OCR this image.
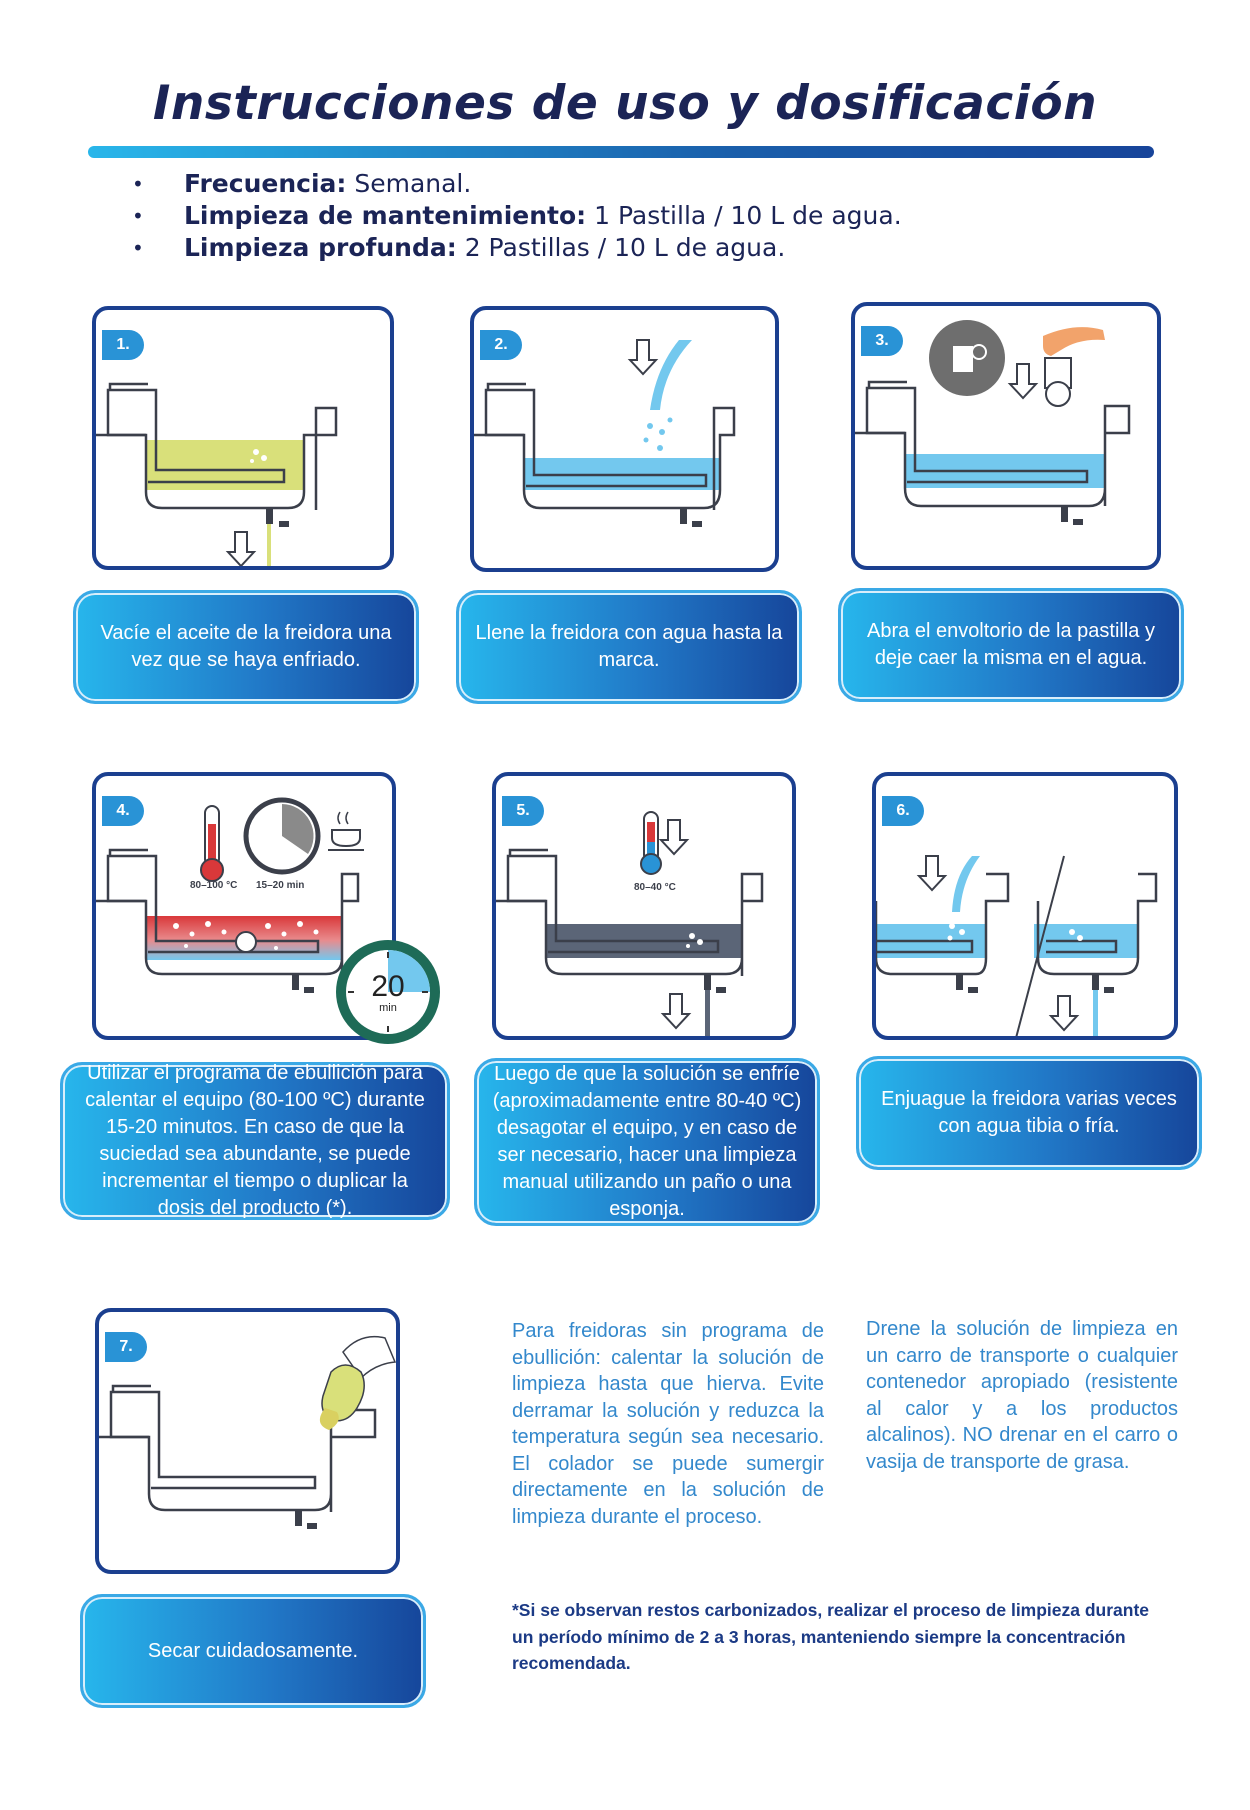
Instrucciones de uso y dosificación
• Frecuencia: Semanal.
• Limpieza de mantenimiento: 1 Pastilla / 10 L de agua.
• Limpieza profunda: 2 Pastillas / 10 L de agua.
1.
Vacíe el aceite de la freidora una vez que se haya enfriado.
2.
Llene la freidora con agua hasta la marca.
3.
Abra el envoltorio de la pastilla y deje caer la misma en el agua.
4.
80–100 °C 15–20 min
20
min
Utilizar el programa de ebullición para calentar el equipo (80-100 ºC) durante 15-20 minutos. En caso de que la suciedad sea abundante, se puede incrementar el tiempo o duplicar la dosis del producto (*).
5.
80–40 °C
Luego de que la solución se enfríe (aproximadamente entre 80-40 ºC) desagotar el equipo, y en caso de ser necesario, hacer una limpieza manual utilizando un paño o una esponja.
6.
Enjuague la freidora varias veces con agua tibia o fría.
7.
Secar cuidadosamente.
Para freidoras sin programa de ebullición: calentar la solución de limpieza hasta que hierva. Evite derramar la solución y reduzca la temperatura según sea necesario. El colador se puede sumergir directamente en la solución de limpieza durante el proceso.
Drene la solución de limpieza en un carro de transporte o cualquier contenedor apropiado (resistente al calor y a los productos alcalinos). NO drenar en el carro o vasija de transporte de grasa.
*Si se observan restos carbonizados, realizar el proceso de limpieza durante un período mínimo de 2 a 3 horas, manteniendo siempre la concentración recomendada.
